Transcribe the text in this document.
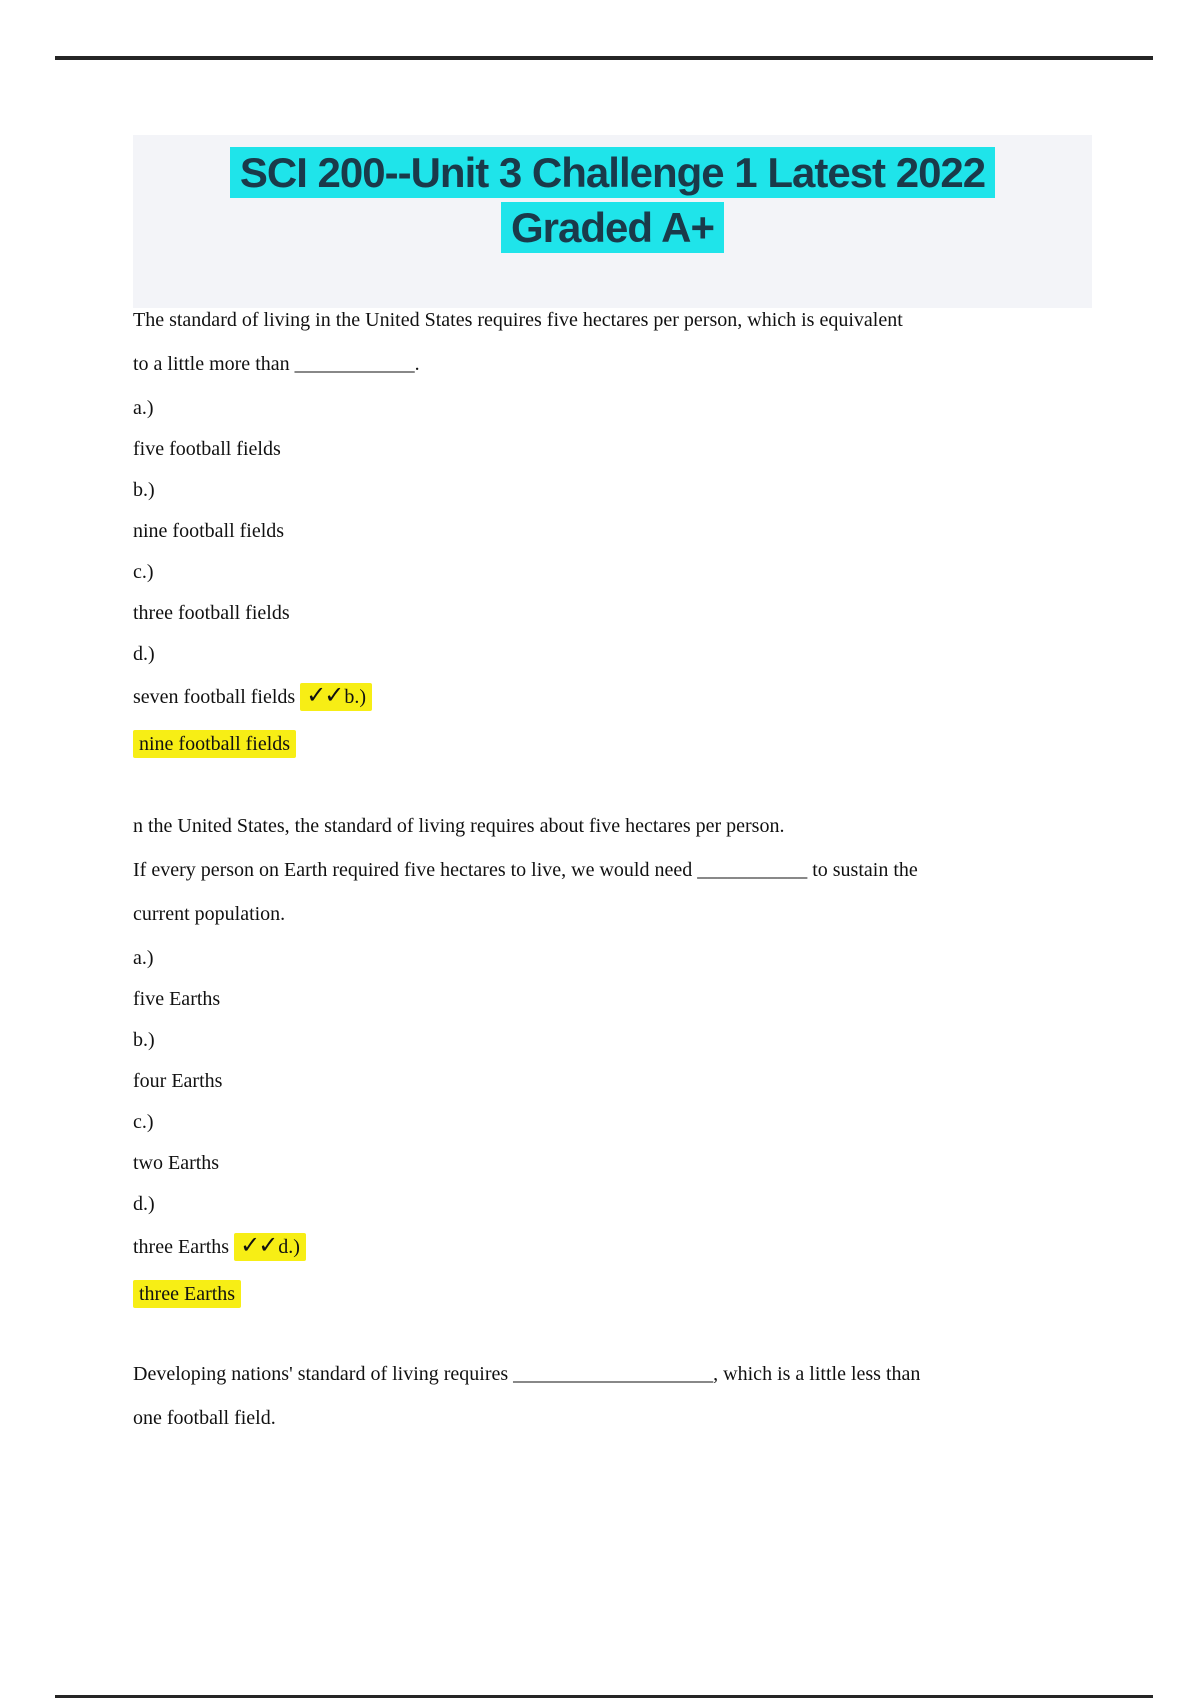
SCI 200--Unit 3 Challenge 1 Latest 2022
Graded A+
The standard of living in the United States requires five hectares per person, which is equivalent
to a little more than ____________.
a.)
five football fields
b.)
nine football fields
c.)
three football fields
d.)
seven football fields ✓✓ b.)
nine football fields
n the United States, the standard of living requires about five hectares per person.
If every person on Earth required five hectares to live, we would need ___________ to sustain the
current population.
a.)
five Earths
b.)
four Earths
c.)
two Earths
d.)
three Earths ✓✓ d.)
three Earths
Developing nations' standard of living requires ____________________, which is a little less than
one football field.
